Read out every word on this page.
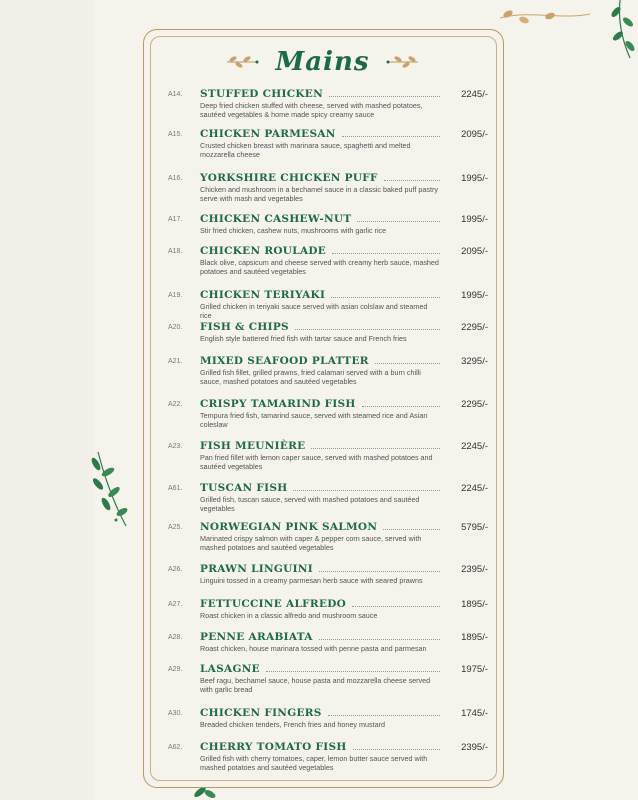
Mains
A14. STUFFED CHICKEN	2245/-
Deep fried chicken stuffed with cheese, served with mashed potatoes, sautéed vegetables & home made spicy creamy sauce
A15. CHICKEN PARMESAN	2095/-
Crusted chicken breast with marinara sauce, spaghetti and melted mozzarella cheese
A16. YORKSHIRE CHICKEN PUFF	1995/-
Chicken and mushroom in a bechamel sauce in a classic baked puff pastry serve with mash and vegetables
A17. CHICKEN CASHEW-NUT	1995/-
Stir fried chicken, cashew nuts, mushrooms with garlic rice
A18. CHICKEN ROULADE	2095/-
Black olive, capsicum and cheese served with creamy herb sauce, mashed potatoes and sautéed vegetables
A19. CHICKEN TERIYAKI	1995/-
Grilled chicken in teriyaki sauce served with asian colslaw and steamed rice
A20. FISH & CHIPS	2295/-
English style battered fried fish with tartar sauce and French fries
A21. MIXED SEAFOOD PLATTER	3295/-
Grilled fish fillet, grilled prawns, fried calamari served with a burn chilli sauce, mashed potatoes and sautéed vegetables
A22. CRISPY TAMARIND FISH	2295/-
Tempura fried fish, tamarind sauce, served with steamed rice and Asian coleslaw
A23. FISH MEUNIÈRE	2245/-
Pan fried fillet with lemon caper sauce, served with mashed potatoes and sautéed vegetables
A61. TUSCAN FISH	2245/-
Grilled fish, tuscan sauce, served with mashed potatoes and sautéed vegetables
A25. NORWEGIAN PINK SALMON	5795/-
Marinated crispy salmon with caper & pepper corn sauce, served with mashed potatoes and sautéed vegetables
A26. PRAWN LINGUINI	2395/-
Linguini tossed in a creamy parmesan herb sauce with seared prawns
A27. FETTUCCINE ALFREDO	1895/-
Roast chicken in a classic alfredo and mushroom sauce
A28. PENNE ARABIATA	1895/-
Roast chicken, house marinara tossed with penne pasta and parmesan
A29. LASAGNE	1975/-
Beef ragu, bechamel sauce, house pasta and mozzarella cheese served with garlic bread
A30. CHICKEN FINGERS	1745/-
Breaded chicken tenders, French fries and honey mustard
A62. CHERRY TOMATO FISH	2395/-
Grilled fish with cherry tomatoes, caper, lemon butter sauce served with mashed potatoes and sautéed vegetables
